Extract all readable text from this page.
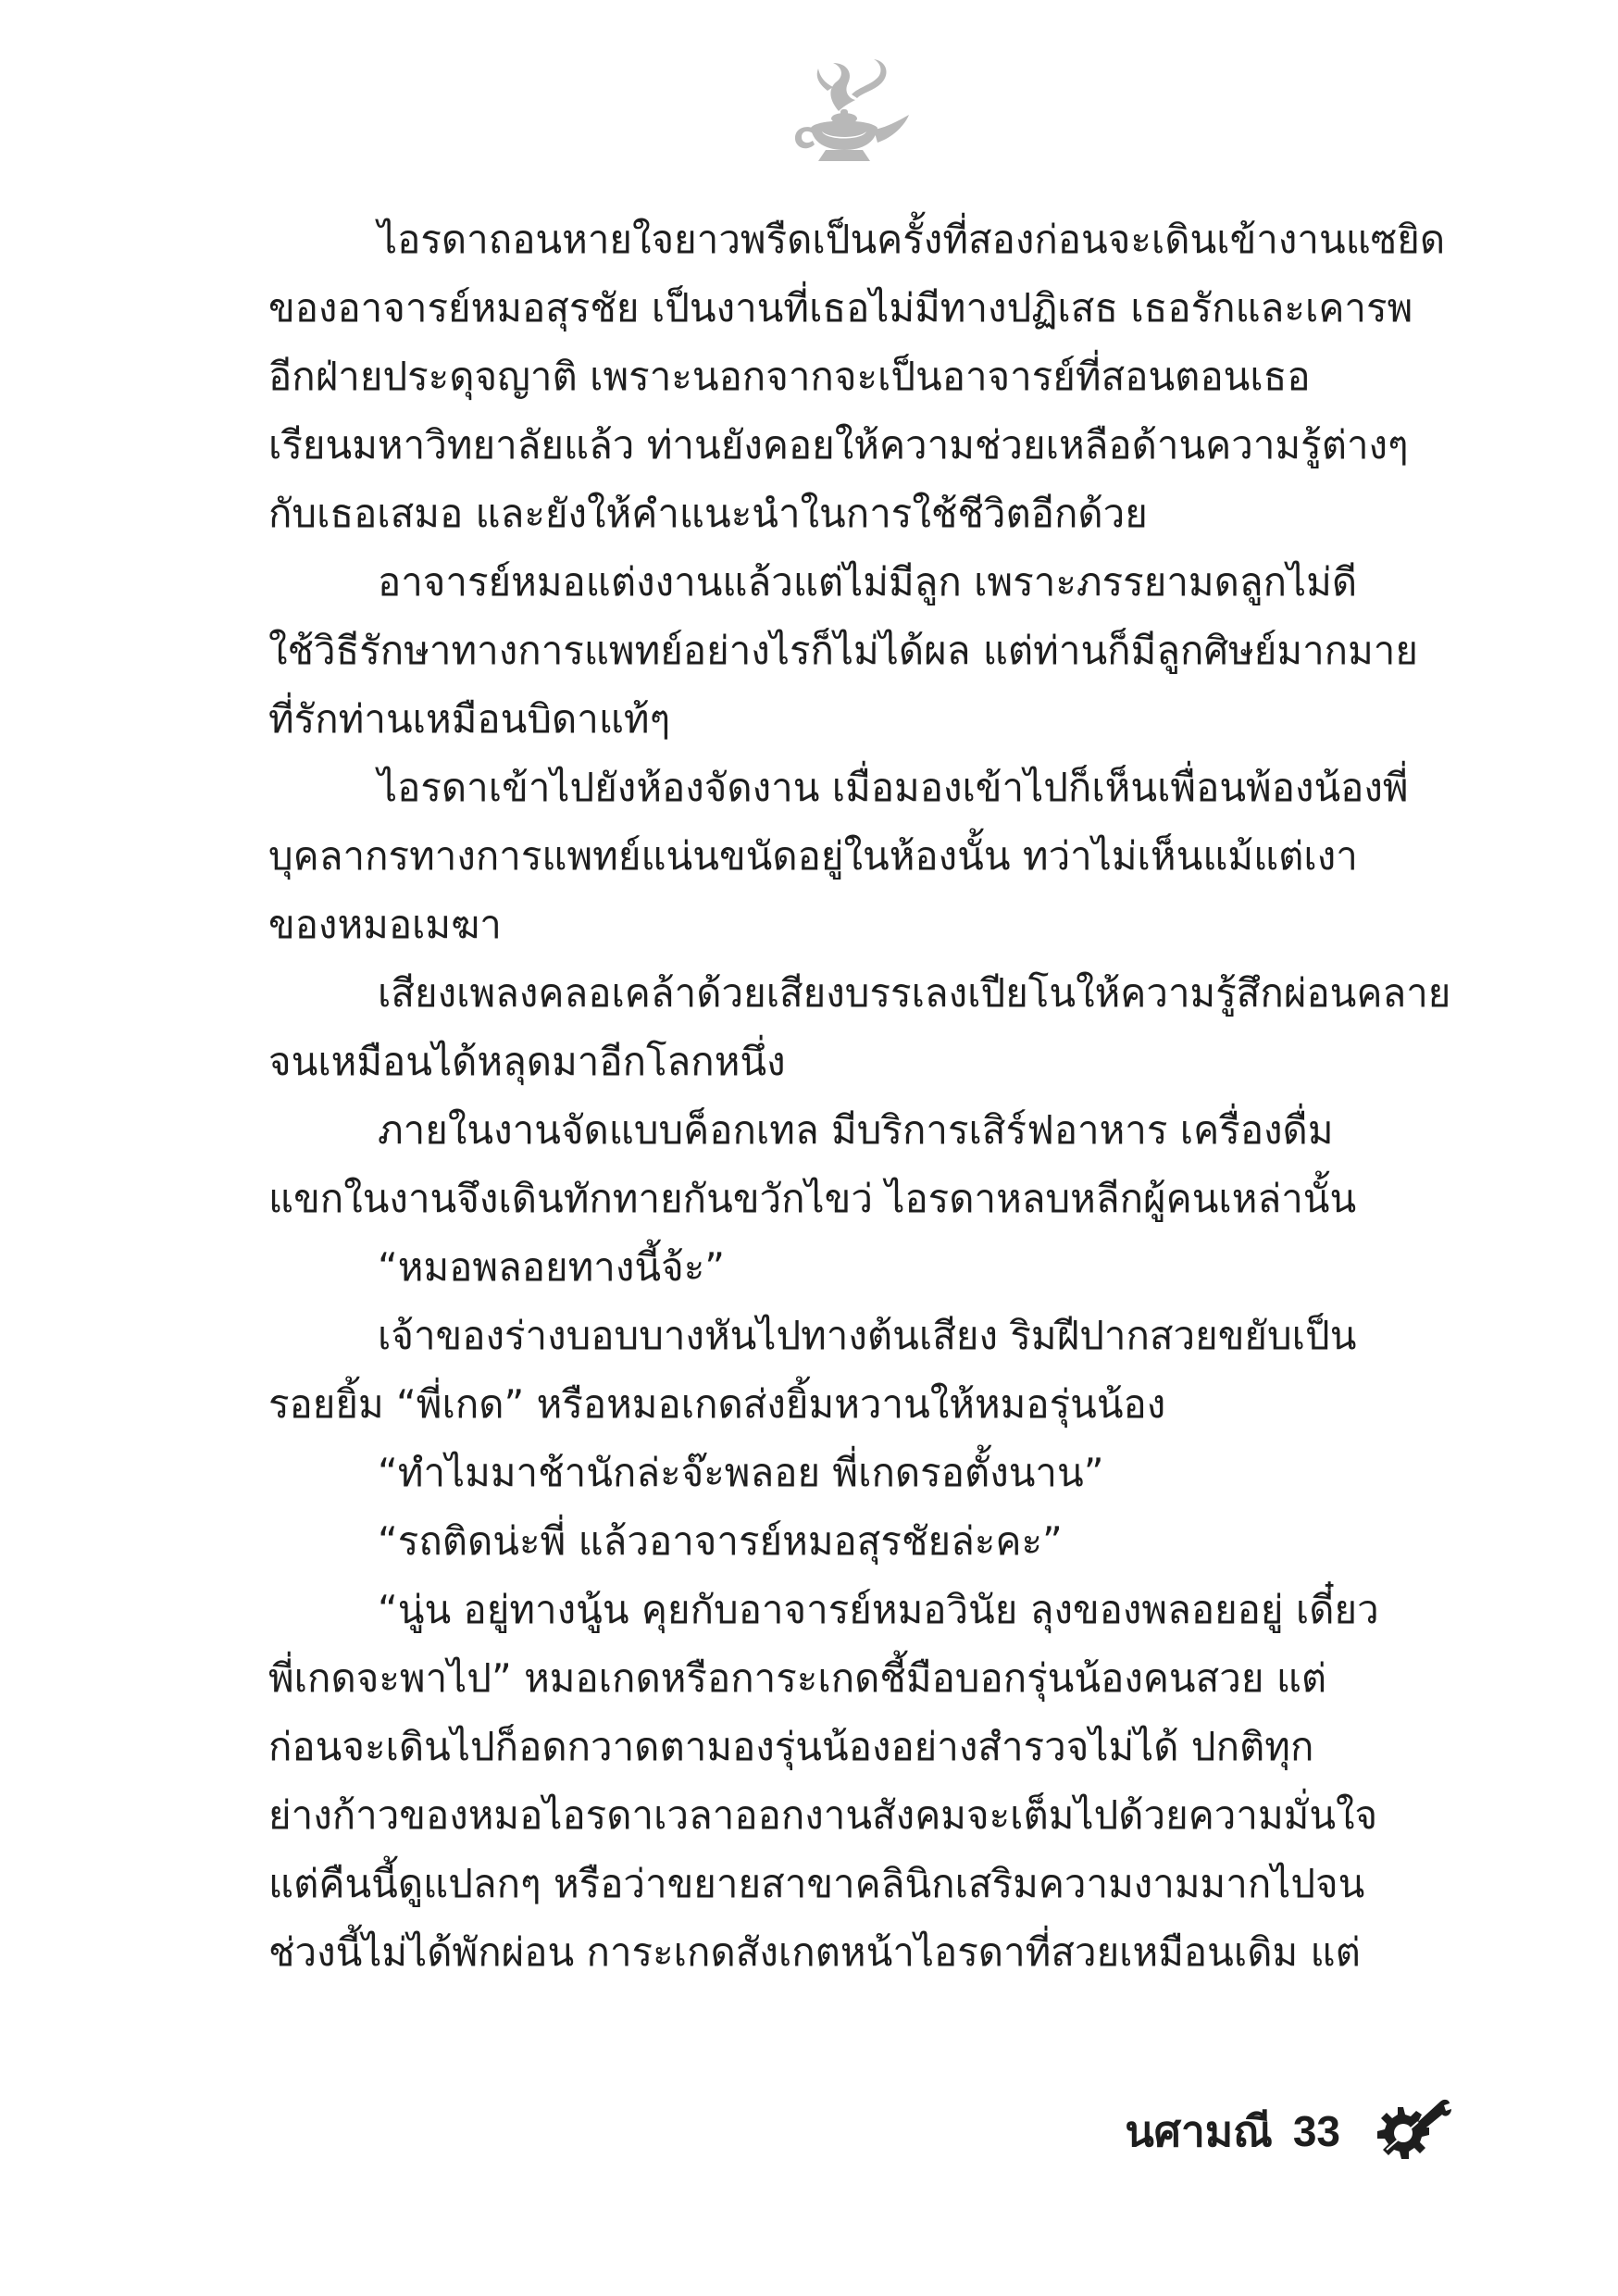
ไอรดาถอนหายใจยาวพรืดเป็นครั้งที่สองก่อนจะเดินเข้างานแซยิด
ของอาจารย์หมอสุรชัย เป็นงานที่เธอไม่มีทางปฏิเสธ เธอรักและเคารพ
อีกฝ่ายประดุจญาติ เพราะนอกจากจะเป็นอาจารย์ที่สอนตอนเธอ
เรียนมหาวิทยาลัยแล้ว ท่านยังคอยให้ความช่วยเหลือด้านความรู้ต่างๆ
กับเธอเสมอ และยังให้คำแนะนำในการใช้ชีวิตอีกด้วย
อาจารย์หมอแต่งงานแล้วแต่ไม่มีลูก เพราะภรรยามดลูกไม่ดี
ใช้วิธีรักษาทางการแพทย์อย่างไรก็ไม่ได้ผล แต่ท่านก็มีลูกศิษย์มากมาย
ที่รักท่านเหมือนบิดาแท้ๆ
ไอรดาเข้าไปยังห้องจัดงาน เมื่อมองเข้าไปก็เห็นเพื่อนพ้องน้องพี่
บุคลากรทางการแพทย์แน่นขนัดอยู่ในห้องนั้น ทว่าไม่เห็นแม้แต่เงา
ของหมอเมฆา
เสียงเพลงคลอเคล้าด้วยเสียงบรรเลงเปียโนให้ความรู้สึกผ่อนคลาย
จนเหมือนได้หลุดมาอีกโลกหนึ่ง
ภายในงานจัดแบบค็อกเทล มีบริการเสิร์ฟอาหาร เครื่องดื่ม
แขกในงานจึงเดินทักทายกันขวักไขว่ ไอรดาหลบหลีกผู้คนเหล่านั้น
“หมอพลอยทางนี้จ้ะ”
เจ้าของร่างบอบบางหันไปทางต้นเสียง ริมฝีปากสวยขยับเป็น
รอยยิ้ม “พี่เกด” หรือหมอเกดส่งยิ้มหวานให้หมอรุ่นน้อง
“ทำไมมาช้านักล่ะจ๊ะพลอย พี่เกดรอตั้งนาน”
“รถติดน่ะพี่ แล้วอาจารย์หมอสุรชัยล่ะคะ”
“นู่น อยู่ทางนู้น คุยกับอาจารย์หมอวินัย ลุงของพลอยอยู่ เดี๋ยว
พี่เกดจะพาไป” หมอเกดหรือการะเกดชี้มือบอกรุ่นน้องคนสวย แต่
ก่อนจะเดินไปก็อดกวาดตามองรุ่นน้องอย่างสำรวจไม่ได้ ปกติทุก
ย่างก้าวของหมอไอรดาเวลาออกงานสังคมจะเต็มไปด้วยความมั่นใจ
แต่คืนนี้ดูแปลกๆ หรือว่าขยายสาขาคลินิกเสริมความงามมากไปจน
ช่วงนี้ไม่ได้พักผ่อน การะเกดสังเกตหน้าไอรดาที่สวยเหมือนเดิม แต่
นศามณี 33
